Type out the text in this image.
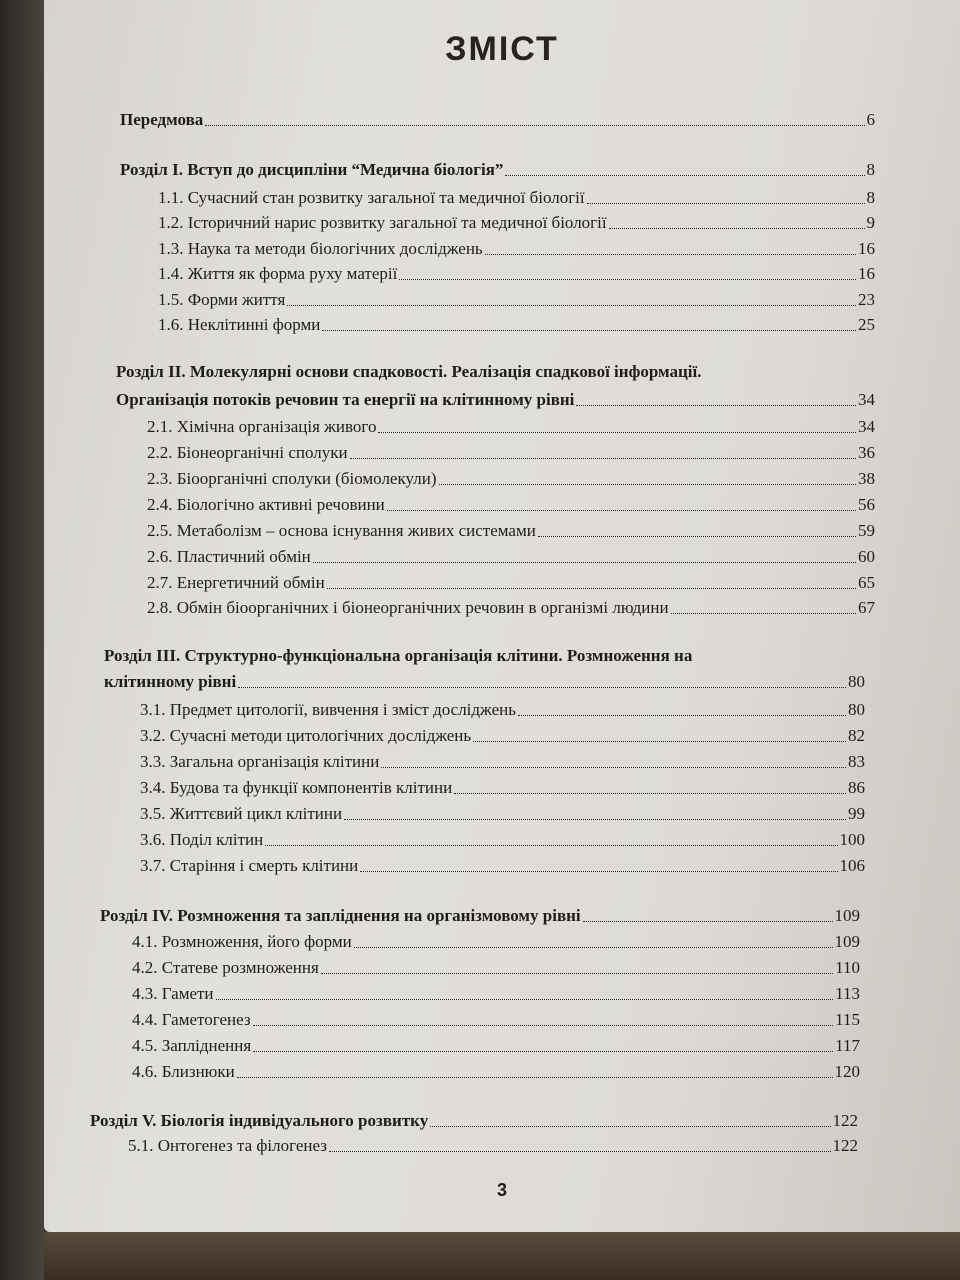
ЗМІСТ
Передмова	6
Розділ І. Вступ до дисципліни “Медична біологія”	8
1.1. Сучасний стан розвитку загальної та медичної біології	8
1.2. Історичний нарис розвитку загальної та медичної біології	9
1.3. Наука та методи біологічних досліджень	16
1.4. Життя як форма руху матерії	16
1.5. Форми життя	23
1.6. Неклітинні форми	25
Розділ II. Молекулярні основи спадковості. Реалізація спадкової інформації.
Організація потоків речовин та енергії на клітинному рівні	34
2.1. Хімічна організація живого	34
2.2. Біонеорганічні сполуки	36
2.3. Біоорганічні сполуки (біомолекули)	38
2.4. Біологічно активні речовини	56
2.5. Метаболізм – основа існування живих системами	59
2.6. Пластичний обмін	60
2.7. Енергетичний обмін	65
2.8. Обмін біоорганічних і біонеорганічних речовин в організмі людини	67
Розділ III. Структурно-функціональна організація клітини. Розмноження на
клітинному рівні	80
3.1. Предмет цитології, вивчення і зміст досліджень	80
3.2. Сучасні методи цитологічних досліджень	82
3.3. Загальна організація клітини	83
3.4. Будова та функції компонентів клітини	86
3.5. Життєвий цикл клітини	99
3.6. Поділ клітин	100
3.7. Старіння і смерть клітини	106
Розділ IV. Розмноження та запліднення на організмовому рівні	109
4.1. Розмноження, його форми	109
4.2. Статеве розмноження	110
4.3. Гамети	113
4.4. Гаметогенез	115
4.5. Запліднення	117
4.6. Близнюки	120
Розділ V. Біологія індивідуального розвитку	122
5.1. Онтогенез та філогенез	122
3
